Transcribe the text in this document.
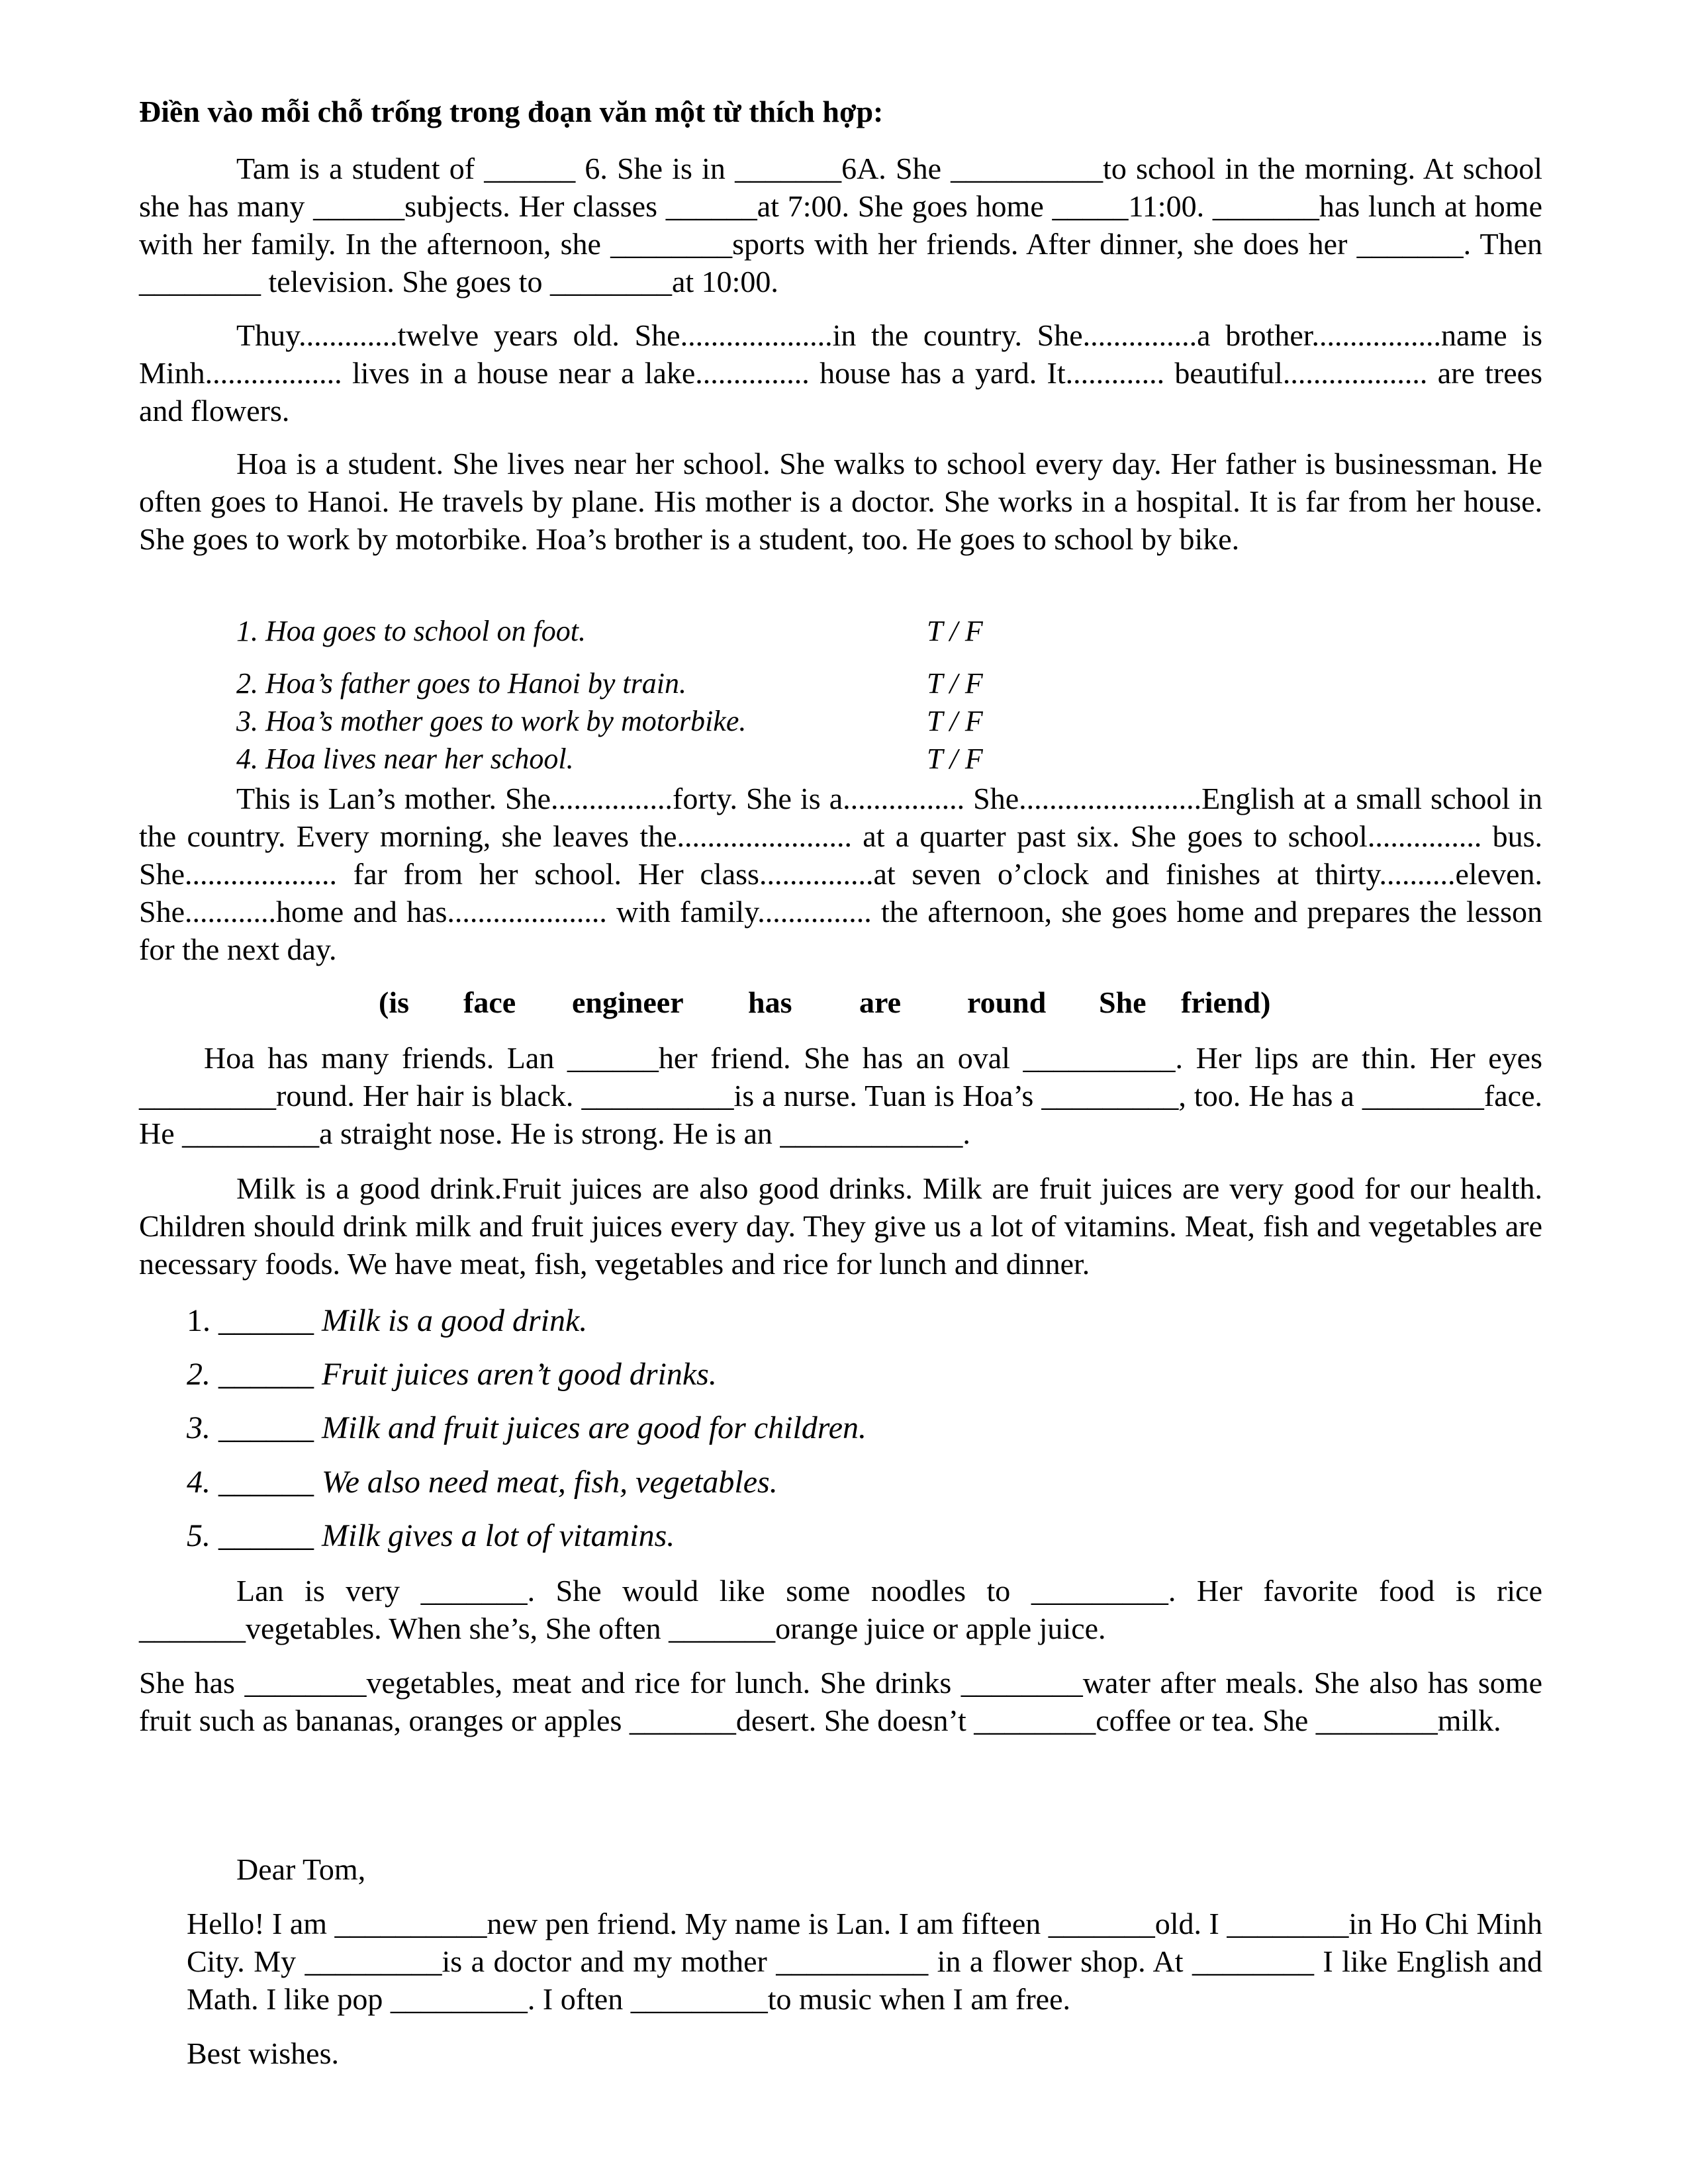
Điền vào mỗi chỗ trống trong đoạn văn một từ thích hợp:

Tam is a student of ______ 6. She is in _______6A. She __________to school in the morning. At school she has many ______subjects. Her classes ______at 7:00. She goes home _____11:00. _______has lunch at home with her family. In the afternoon, she ________sports with her friends. After dinner, she does her _______. Then ________ television. She goes to ________at 10:00.

Thuy.............twelve years old. She....................in the country. She...............a brother.................name is Minh.................. lives in a house near a lake............... house has a yard. It............. beautiful................... are trees and flowers.

Hoa is a student. She lives near her school. She walks to school every day. Her father is businessman. He often goes to Hanoi. He travels by plane. His mother is a doctor. She works in a hospital. It is far from her house. She goes to work by motorbike. Hoa’s brother is a student, too. He goes to school by bike.

1. Hoa goes to school on foot.	T / F
2. Hoa’s father goes to Hanoi by train.	T / F
3. Hoa’s mother goes to work by motorbike.	T / F
4. Hoa lives near her school.	T / F

This is Lan’s mother. She................forty. She is a................ She........................English at a small school in the country. Every morning, she leaves the....................... at a quarter past six. She goes to school............... bus. She.................... far from her school. Her class...............at seven o’clock and finishes at thirty..........eleven. She............home and has..................... with family............... the afternoon, she goes home and prepares the lesson for the next day.

(is face engineer has are round She friend)

Hoa has many friends. Lan ______her friend. She has an oval __________. Her lips are thin. Her eyes _________round. Her hair is black. __________is a nurse. Tuan is Hoa’s _________, too. He has a ________face. He _________a straight nose. He is strong. He is an ____________.

Milk is a good drink.Fruit juices are also good drinks. Milk are fruit juices are very good for our health. Children should drink milk and fruit juices every day. They give us a lot of vitamins. Meat, fish and vegetables are necessary foods. We have meat, fish, vegetables and rice for lunch and dinner.

1. ______ Milk is a good drink.
2. ______ Fruit juices aren’t good drinks.
3. ______ Milk and fruit juices are good for children.
4. ______ We also need meat, fish, vegetables.
5. ______ Milk gives a lot of vitamins.

Lan is very _______. She would like some noodles to _________. Her favorite food is rice _______vegetables. When she’s, She often _______orange juice or apple juice.

She has ________vegetables, meat and rice for lunch. She drinks ________water after meals. She also has some fruit such as bananas, oranges or apples _______desert. She doesn’t ________coffee or tea. She ________milk.

Dear Tom,

Hello! I am __________new pen friend. My name is Lan. I am fifteen _______old. I ________in Ho Chi Minh City. My _________is a doctor and my mother __________ in a flower shop. At ________ I like English and Math. I like pop _________. I often _________to music when I am free.

Best wishes.
